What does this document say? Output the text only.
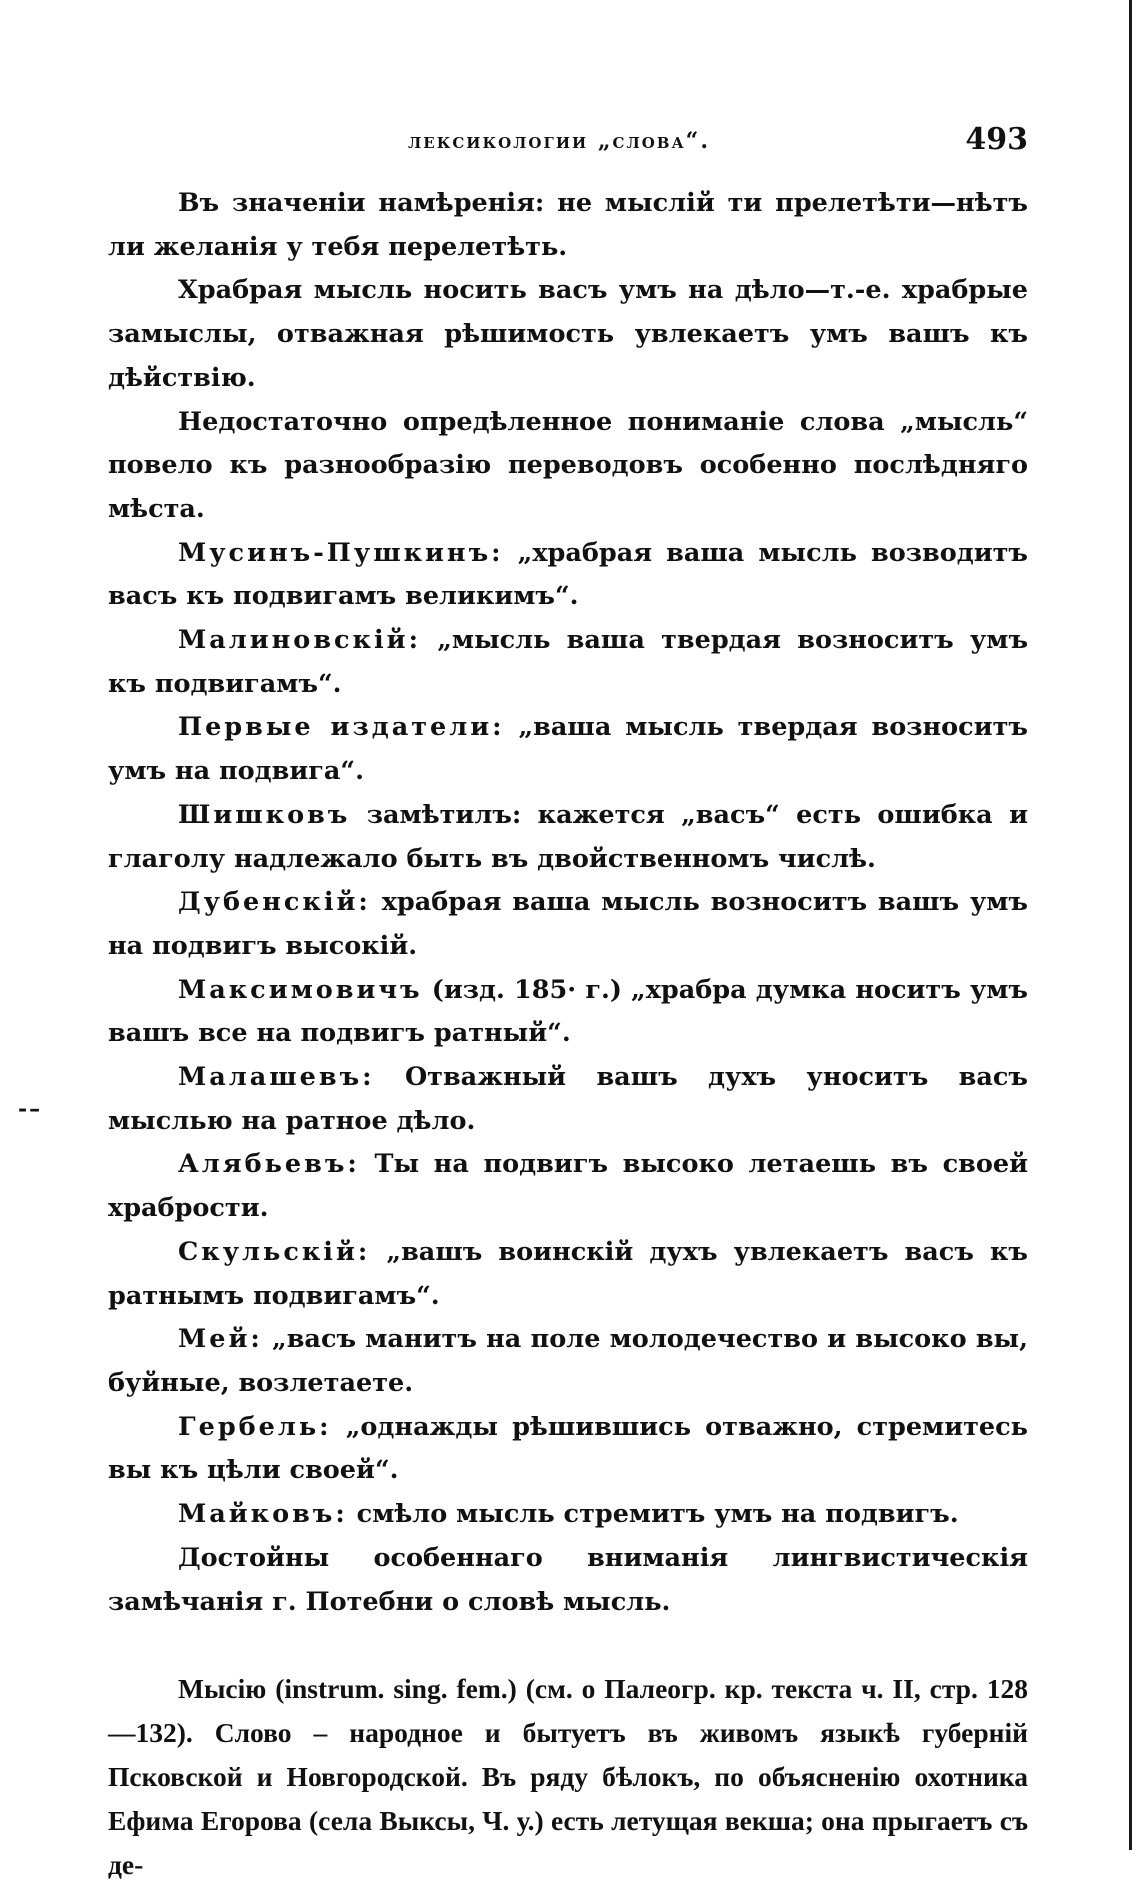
-–
лексикологии „слова“.	493

Въ значеніи намѣренія: не мыслій ти прелетѣти—нѣтъ ли желанія у тебя перелетѣть.

Храбрая мысль носить васъ умъ на дѣло—т.-е. храбрые замыслы, отважная рѣшимость увлекаетъ умъ вашъ къ дѣйствію.

Недостаточно опредѣленное пониманіе слова „мысль“ повело къ разнообразію переводовъ особенно послѣдняго мѣста.

Мусинъ-Пушкинъ: „храбрая ваша мысль возводитъ васъ къ подвигамъ великимъ“.

Малиновскій: „мысль ваша твердая возноситъ умъ къ подвигамъ“.

Первые издатели: „ваша мысль твердая возноситъ умъ на подвига“.

Шишковъ замѣтилъ: кажется „васъ“ есть ошибка и глаголу надлежало быть въ двойственномъ числѣ.

Дубенскій: храбрая ваша мысль возноситъ вашъ умъ на подвигъ высокій.

Максимовичъ (изд. 185· г.) „храбра думка носитъ умъ вашъ все на подвигъ ратный“.

Малашевъ: Отважный вашъ духъ уноситъ васъ мыслью на ратное дѣло.

Алябьевъ: Ты на подвигъ высоко летаешь въ своей храбрости.

Скульскій: „вашъ воинскій духъ увлекаетъ васъ къ ратнымъ подвигамъ“.

Мей: „васъ манитъ на поле молодечество и высоко вы, буйные, возлетаете.

Гербель: „однажды рѣшившись отважно, стремитесь вы къ цѣли своей“.

Майковъ: смѣло мысль стремитъ умъ на подвигъ.

Достойны особеннаго вниманія лингвистическія замѣчанія г. Потебни о словѣ мысль.

Мысію (instrum. sing. fem.) (см. о Палеогр. кр. текста ч. II, стр. 128—132). Слово – народное и бытуетъ въ живомъ языкѣ губерній Псковской и Новгородской. Въ ряду бѣлокъ, по объясненію охотника Ефима Егорова (села Выксы, Ч. у.) есть летущая векша; она прыгаетъ съ де-
